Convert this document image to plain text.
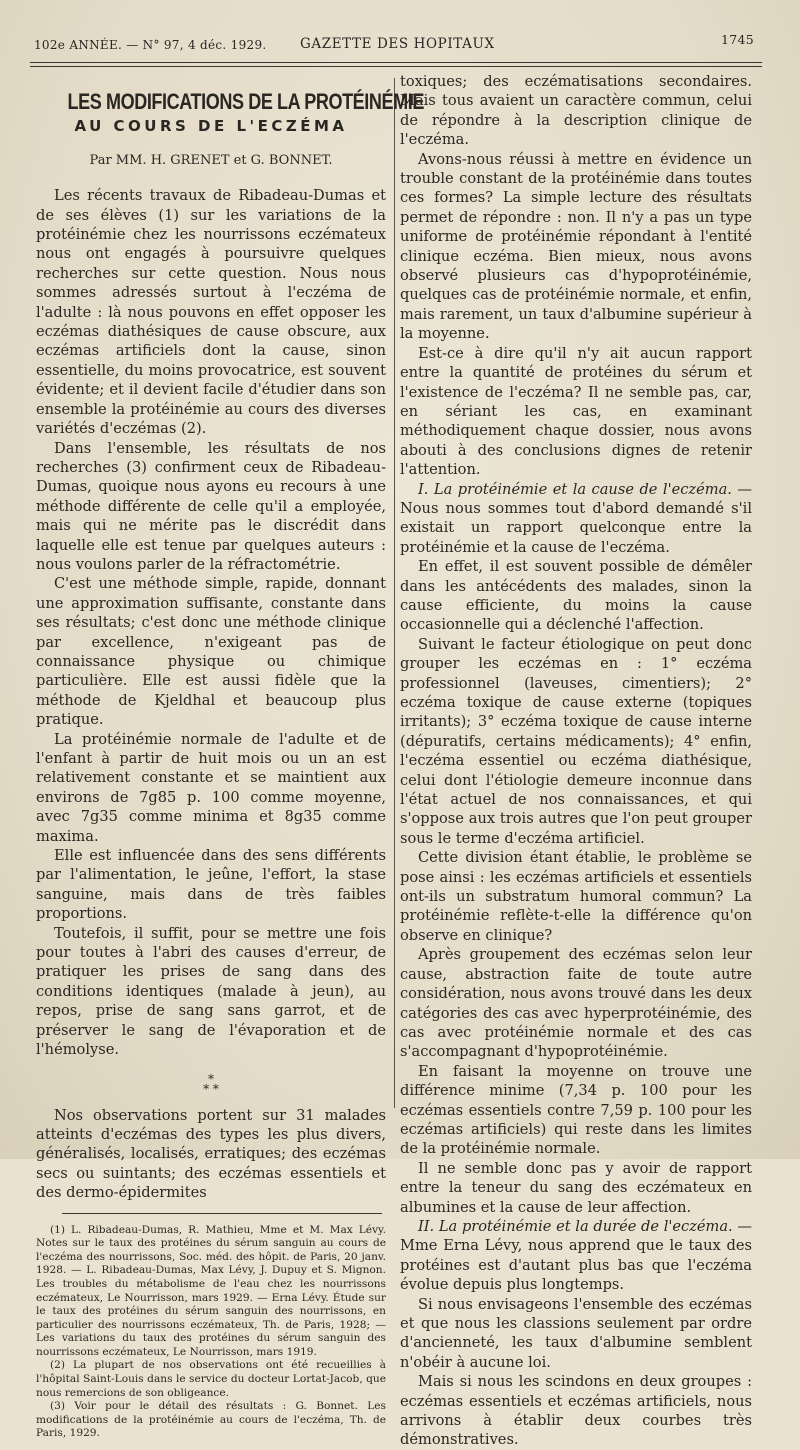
102e ANNÉE. — N° 97, 4 déc. 1929. GAZETTE DES HOPITAUX	1745
LES MODIFICATIONS DE LA PROTÉINÉMIE
AU COURS DE L'ECZÉMA
Par MM. H. GRENET et G. BONNET.

Les récents travaux de Ribadeau-Dumas et de ses élèves (1) sur les variations de la protéinémie chez les nourrissons eczémateux nous ont engagés à poursuivre quelques recherches sur cette question. Nous nous sommes adressés surtout à l'eczéma de l'adulte : là nous pouvons en effet opposer les eczémas diathésiques de cause obscure, aux eczémas artificiels dont la cause, sinon essentielle, du moins provocatrice, est souvent évidente; et il devient facile d'étudier dans son ensemble la protéinémie au cours des diverses variétés d'eczémas (2).

Dans l'ensemble, les résultats de nos recherches (3) confirment ceux de Ribadeau-Dumas, quoique nous ayons eu recours à une méthode différente de celle qu'il a employée, mais qui ne mérite pas le discrédit dans laquelle elle est tenue par quelques auteurs : nous voulons parler de la réfractométrie.

C'est une méthode simple, rapide, donnant une approximation suffisante, constante dans ses résultats; c'est donc une méthode clinique par excellence, n'exigeant pas de connaissance physique ou chimique particulière. Elle est aussi fidèle que la méthode de Kjeldhal et beaucoup plus pratique.

La protéinémie normale de l'adulte et de l'enfant à partir de huit mois ou un an est relativement constante et se maintient aux environs de 7g85 p. 100 comme moyenne, avec 7g35 comme minima et 8g35 comme maxima.

Elle est influencée dans des sens différents par l'alimentation, le jeûne, l'effort, la stase sanguine, mais dans de très faibles proportions.

Toutefois, il suffit, pour se mettre une fois pour toutes à l'abri des causes d'erreur, de pratiquer les prises de sang dans des conditions identiques (malade à jeun), au repos, prise de sang sans garrot, et de préserver le sang de l'évaporation et de l'hémolyse.

*
* *

Nos observations portent sur 31 malades atteints d'eczémas des types les plus divers, généralisés, localisés, erratiques; des eczémas secs ou suintants; des eczémas essentiels et des dermo-épidermites

(1) L. Ribadeau-Dumas, R. Mathieu, Mme et M. Max Lévy. Notes sur le taux des protéines du sérum sanguin au cours de l'eczéma des nourrissons, Soc. méd. des hôpit. de Paris, 20 janv. 1928. — L. Ribadeau-Dumas, Max Lévy, J. Dupuy et S. Mignon. Les troubles du métabolisme de l'eau chez les nourrissons eczémateux, Le Nourrisson, mars 1929. — Erna Lévy. Étude sur le taux des protéines du sérum sanguin des nourrissons, en particulier des nourrissons eczémateux, Th. de Paris, 1928; — Les variations du taux des protéines du sérum sanguin des nourrissons eczémateux, Le Nourrisson, mars 1919.

(2) La plupart de nos observations ont été recueillies à l'hôpital Saint-Louis dans le service du docteur Lortat-Jacob, que nous remercions de son obligeance.

(3) Voir pour le détail des résultats : G. Bonnet. Les modifications de la protéinémie au cours de l'eczéma, Th. de Paris, 1929.

toxiques; des eczématisations secondaires. Mais tous avaient un caractère commun, celui de répondre à la description clinique de l'eczéma.

Avons-nous réussi à mettre en évidence un trouble constant de la protéinémie dans toutes ces formes? La simple lecture des résultats permet de répondre : non. Il n'y a pas un type uniforme de protéinémie répondant à l'entité clinique eczéma. Bien mieux, nous avons observé plusieurs cas d'hypoprotéinémie, quelques cas de protéinémie normale, et enfin, mais rarement, un taux d'albumine supérieur à la moyenne.

Est-ce à dire qu'il n'y ait aucun rapport entre la quantité de protéines du sérum et l'existence de l'eczéma? Il ne semble pas, car, en sériant les cas, en examinant méthodiquement chaque dossier, nous avons abouti à des conclusions dignes de retenir l'attention.

I. La protéinémie et la cause de l'eczéma. — Nous nous sommes tout d'abord demandé s'il existait un rapport quelconque entre la protéinémie et la cause de l'eczéma.

En effet, il est souvent possible de démêler dans les antécédents des malades, sinon la cause efficiente, du moins la cause occasionnelle qui a déclenché l'affection.

Suivant le facteur étiologique on peut donc grouper les eczémas en : 1° eczéma professionnel (laveuses, cimentiers); 2° eczéma toxique de cause externe (topiques irritants); 3° eczéma toxique de cause interne (dépuratifs, certains médicaments); 4° enfin, l'eczéma essentiel ou eczéma diathésique, celui dont l'étiologie demeure inconnue dans l'état actuel de nos connaissances, et qui s'oppose aux trois autres que l'on peut grouper sous le terme d'eczéma artificiel.

Cette division étant établie, le problème se pose ainsi : les eczémas artificiels et essentiels ont-ils un substratum humoral commun? La protéinémie reflète-t-elle la différence qu'on observe en clinique?

Après groupement des eczémas selon leur cause, abstraction faite de toute autre considération, nous avons trouvé dans les deux catégories des cas avec hyperprotéinémie, des cas avec protéinémie normale et des cas s'accompagnant d'hypoprotéinémie.

En faisant la moyenne on trouve une différence minime (7,34 p. 100 pour les eczémas essentiels contre 7,59 p. 100 pour les eczémas artificiels) qui reste dans les limites de la protéinémie normale.

Il ne semble donc pas y avoir de rapport entre la teneur du sang des eczémateux en albumines et la cause de leur affection.

II. La protéinémie et la durée de l'eczéma. — Mme Erna Lévy, nous apprend que le taux des protéines est d'autant plus bas que l'eczéma évolue depuis plus longtemps.

Si nous envisageons l'ensemble des eczémas et que nous les classions seulement par ordre d'ancienneté, les taux d'albumine semblent n'obéir à aucune loi.

Mais si nous les scindons en deux groupes : eczémas essentiels et eczémas artificiels, nous arrivons à établir deux courbes très démonstratives.
